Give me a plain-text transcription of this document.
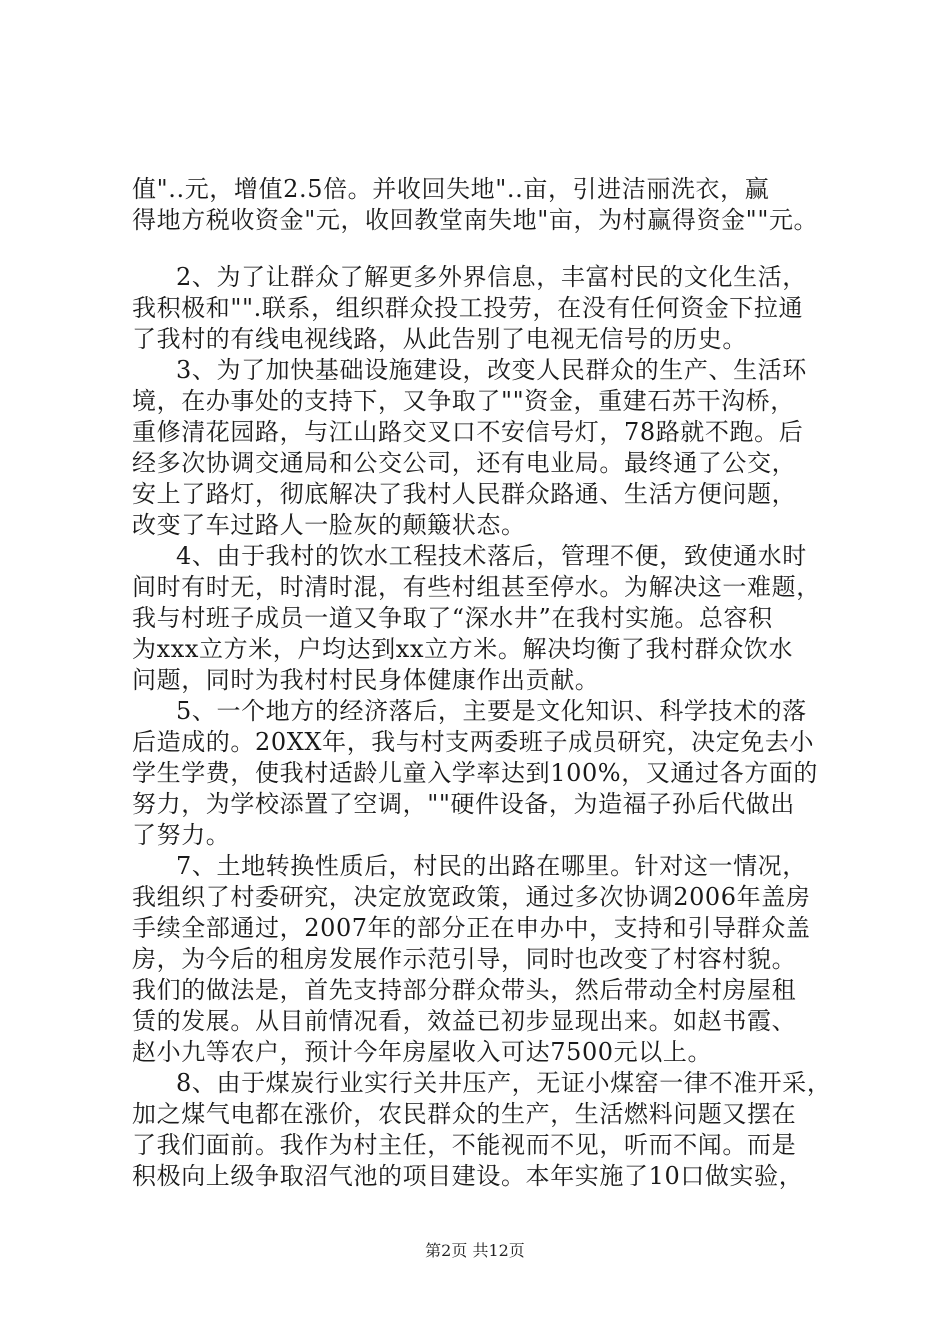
值"..元，增值2.5倍。并收回失地"..亩，引进洁丽洗衣，赢
得地方税收资金"元，收回教堂南失地"亩，为村赢得资金""元。
2、为了让群众了解更多外界信息，丰富村民的文化生活，
我积极和"".联系，组织群众投工投劳，在没有任何资金下拉通
了我村的有线电视线路，从此告别了电视无信号的历史。
3、为了加快基础设施建设，改变人民群众的生产、生活环
境，在办事处的支持下，又争取了""资金，重建石苏干沟桥，
重修清花园路，与江山路交叉口不安信号灯，78路就不跑。后
经多次协调交通局和公交公司，还有电业局。最终通了公交，
安上了路灯，彻底解决了我村人民群众路通、生活方便问题，
改变了车过路人一脸灰的颠簸状态。
4、由于我村的饮水工程技术落后，管理不便，致使通水时
间时有时无，时清时混，有些村组甚至停水。为解决这一难题，
我与村班子成员一道又争取了“深水井”在我村实施。总容积
为xxx立方米，户均达到xx立方米。解决均衡了我村群众饮水
问题，同时为我村村民身体健康作出贡献。
5、一个地方的经济落后，主要是文化知识、科学技术的落
后造成的。20XX年，我与村支两委班子成员研究，决定免去小
学生学费，使我村适龄儿童入学率达到100%，又通过各方面的
努力，为学校添置了空调，""硬件设备，为造福子孙后代做出
了努力。
7、土地转换性质后，村民的出路在哪里。针对这一情况，
我组织了村委研究，决定放宽政策，通过多次协调2006年盖房
手续全部通过，2007年的部分正在申办中，支持和引导群众盖
房，为今后的租房发展作示范引导，同时也改变了村容村貌。
我们的做法是，首先支持部分群众带头，然后带动全村房屋租
赁的发展。从目前情况看，效益已初步显现出来。如赵书霞、
赵小九等农户，预计今年房屋收入可达7500元以上。
8、由于煤炭行业实行关井压产，无证小煤窑一律不准开采，
加之煤气电都在涨价，农民群众的生产，生活燃料问题又摆在
了我们面前。我作为村主任，不能视而不见，听而不闻。而是
积极向上级争取沼气池的项目建设。本年实施了10口做实验，
第2页 共12页
